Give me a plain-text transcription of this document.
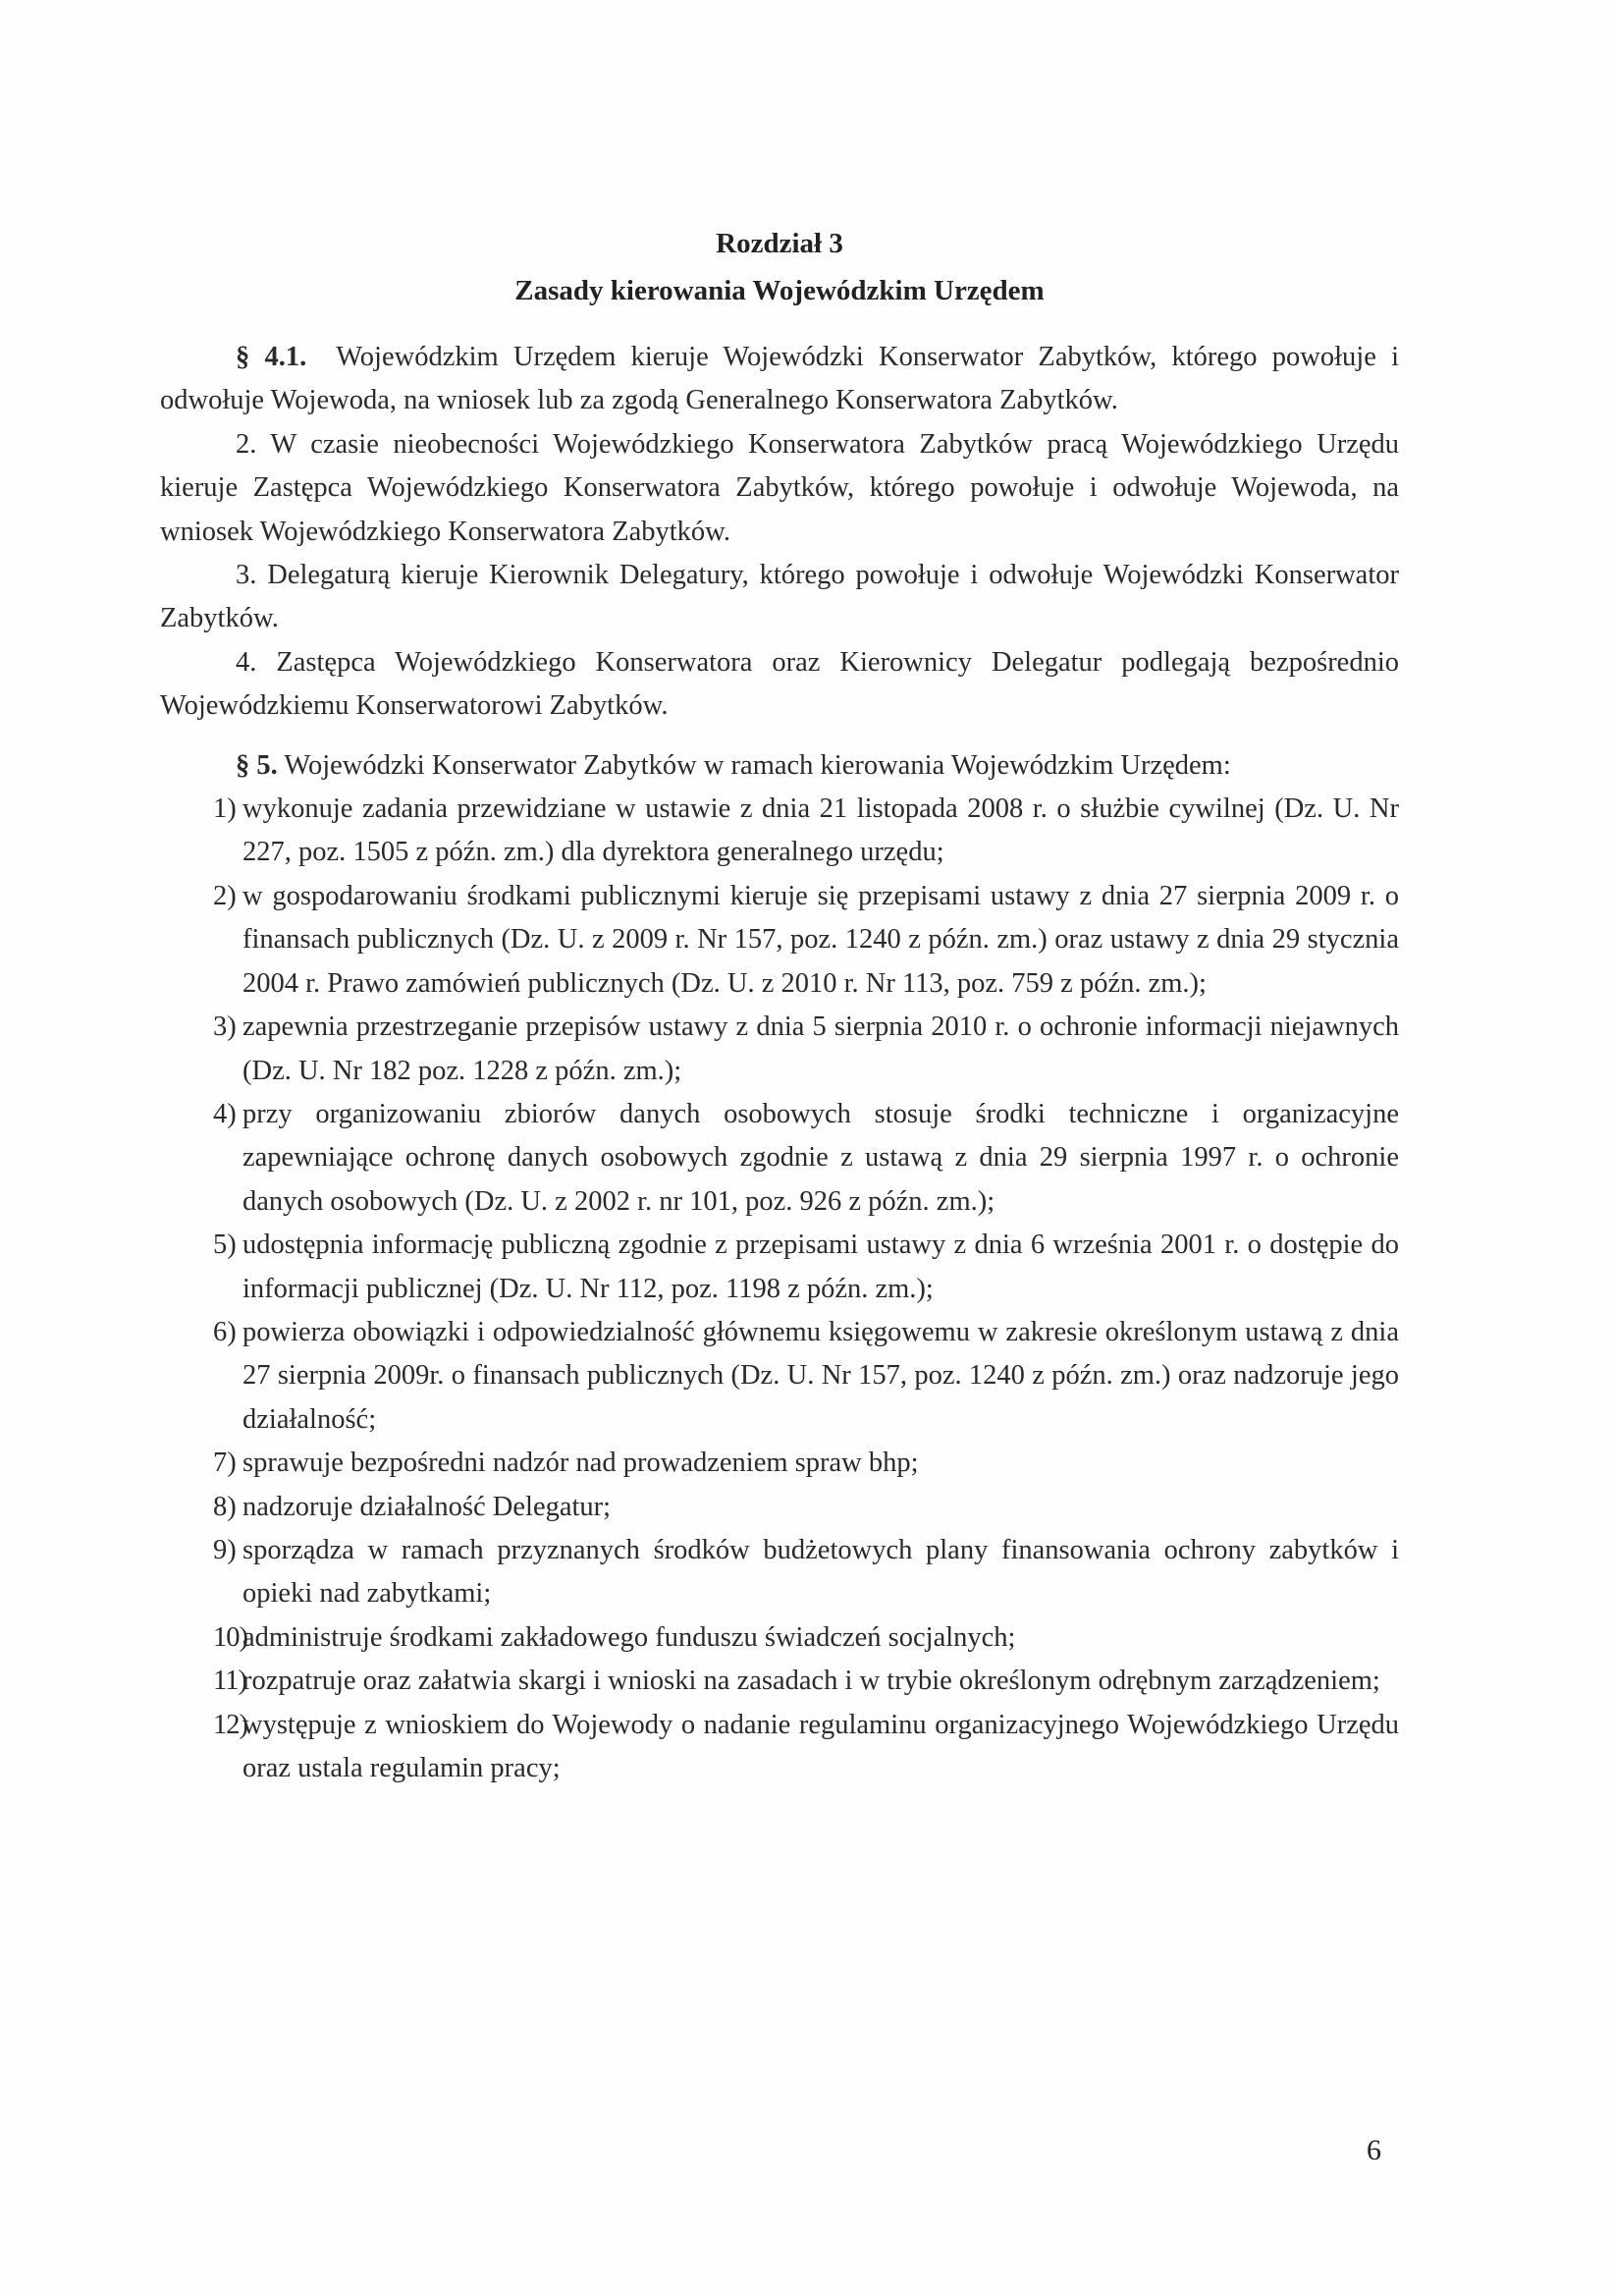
Rozdział 3
Zasady kierowania Wojewódzkim Urzędem

§ 4.1. Wojewódzkim Urzędem kieruje Wojewódzki Konserwator Zabytków, którego powołuje i odwołuje Wojewoda, na wniosek lub za zgodą Generalnego Konserwatora Zabytków.

2. W czasie nieobecności Wojewódzkiego Konserwatora Zabytków pracą Wojewódzkiego Urzędu kieruje Zastępca Wojewódzkiego Konserwatora Zabytków, którego powołuje i odwołuje Wojewoda, na wniosek Wojewódzkiego Konserwatora Zabytków.

3. Delegaturą kieruje Kierownik Delegatury, którego powołuje i odwołuje Wojewódzki Konserwator Zabytków.

4. Zastępca Wojewódzkiego Konserwatora oraz Kierownicy Delegatur podlegają bezpośrednio Wojewódzkiemu Konserwatorowi Zabytków.

§ 5. Wojewódzki Konserwator Zabytków w ramach kierowania Wojewódzkim Urzędem:

1) wykonuje zadania przewidziane w ustawie z dnia 21 listopada 2008 r. o służbie cywilnej (Dz. U. Nr 227, poz. 1505 z późn. zm.) dla dyrektora generalnego urzędu;
2) w gospodarowaniu środkami publicznymi kieruje się przepisami ustawy z dnia 27 sierpnia 2009 r. o finansach publicznych (Dz. U. z 2009 r. Nr 157, poz. 1240 z późn. zm.) oraz ustawy z dnia 29 stycznia 2004 r. Prawo zamówień publicznych (Dz. U. z 2010 r. Nr 113, poz. 759 z późn. zm.);
3) zapewnia przestrzeganie przepisów ustawy z dnia 5 sierpnia 2010 r. o ochronie informacji niejawnych (Dz. U. Nr 182 poz. 1228 z późn. zm.);
4) przy organizowaniu zbiorów danych osobowych stosuje środki techniczne i organizacyjne zapewniające ochronę danych osobowych zgodnie z ustawą z dnia 29 sierpnia 1997 r. o ochronie danych osobowych (Dz. U. z 2002 r. nr 101, poz. 926 z późn. zm.);
5) udostępnia informację publiczną zgodnie z przepisami ustawy z dnia 6 września 2001 r. o dostępie do informacji publicznej (Dz. U. Nr 112, poz. 1198 z późn. zm.);
6) powierza obowiązki i odpowiedzialność głównemu księgowemu w zakresie określonym ustawą z dnia 27 sierpnia 2009r. o finansach publicznych (Dz. U. Nr 157, poz. 1240 z późn. zm.) oraz nadzoruje jego działalność;
7) sprawuje bezpośredni nadzór nad prowadzeniem spraw bhp;
8) nadzoruje działalność Delegatur;
9) sporządza w ramach przyznanych środków budżetowych plany finansowania ochrony zabytków i opieki nad zabytkami;
10)
administruje środkami zakładowego funduszu świadczeń socjalnych;
11)
rozpatruje oraz załatwia skargi i wnioski na zasadach i w trybie określonym odrębnym zarządzeniem;
12)
występuje z wnioskiem do Wojewody o nadanie regulaminu organizacyjnego Wojewódzkiego Urzędu oraz ustala regulamin pracy;
6
